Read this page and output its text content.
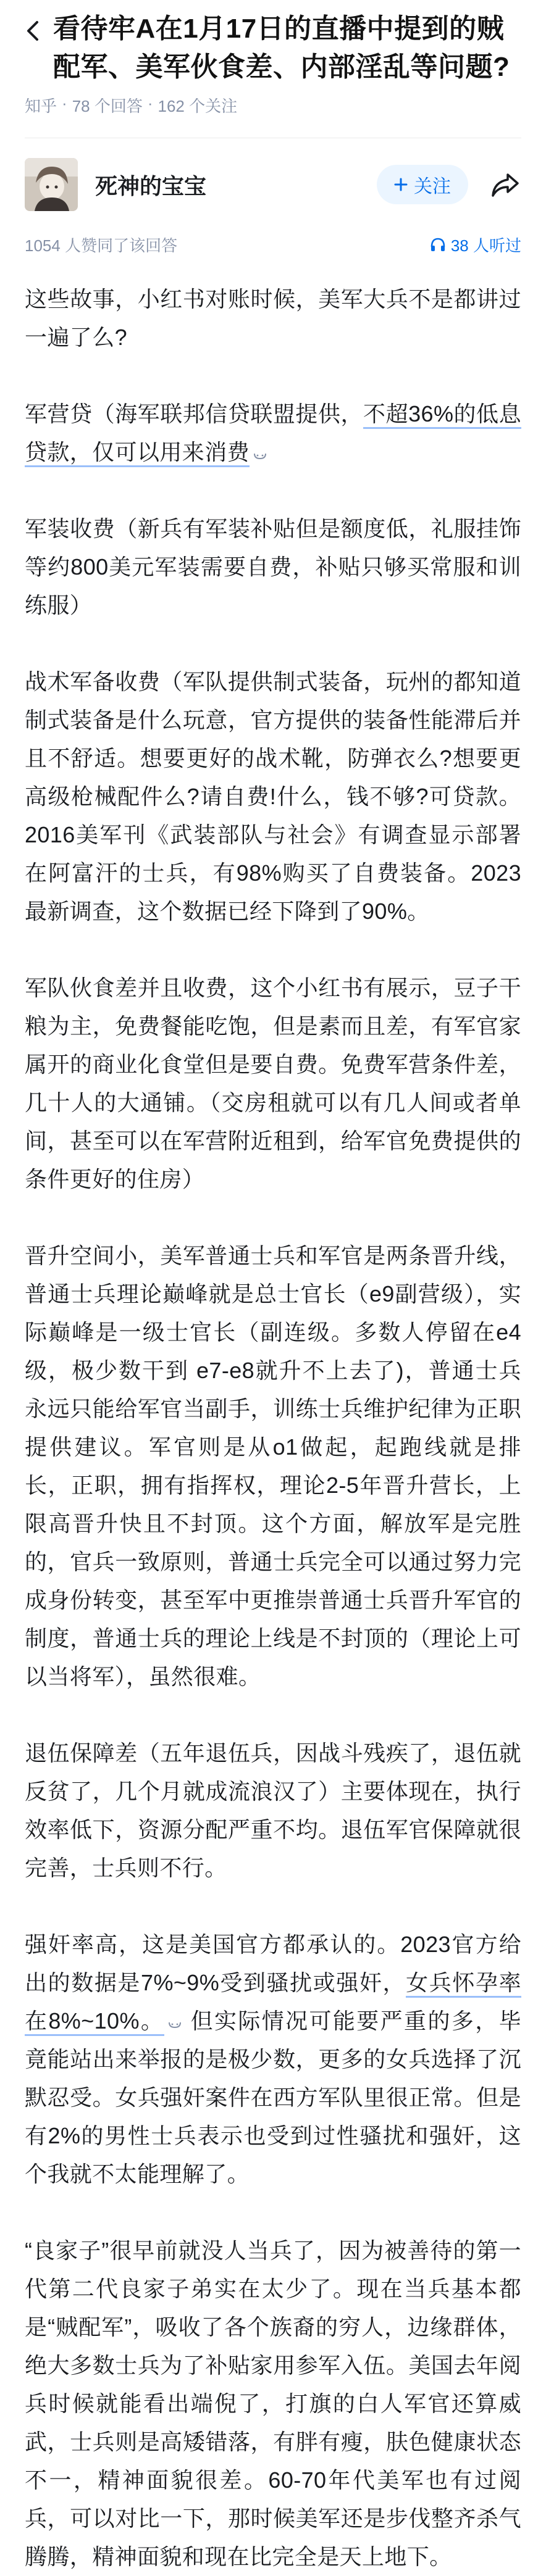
看待牢A在1月17日的直播中提到的贼配军、美军伙食差、内部淫乱等问题?
知乎 · 78 个回答 · 162 个关注
死神的宝宝	关注
1054 人赞同了该回答	38 人听过

这些故事，小红书对账时候，美军大兵不是都讲过一遍了么?

军营贷（海军联邦信贷联盟提供，不超36%的低息贷款，仅可以用来消费

军装收费（新兵有军装补贴但是额度低，礼服挂饰等约800美元军装需要自费，补贴只够买常服和训练服）

战术军备收费（军队提供制式装备，玩州的都知道制式装备是什么玩意，官方提供的装备性能滞后并且不舒适。想要更好的战术靴，防弹衣么?想要更高级枪械配件么?请自费!什么，钱不够?可贷款。2016美军刊《武装部队与社会》有调查显示部署在阿富汗的士兵，有98%购买了自费装备。2023最新调查，这个数据已经下降到了90%。

军队伙食差并且收费，这个小红书有展示，豆子干粮为主，免费餐能吃饱，但是素而且差，有军官家属开的商业化食堂但是要自费。免费军营条件差，几十人的大通铺。（交房租就可以有几人间或者单间，甚至可以在军营附近租到，给军官免费提供的条件更好的住房）

晋升空间小，美军普通士兵和军官是两条晋升线，普通士兵理论巅峰就是总士官长（e9副营级），实际巅峰是一级士官长（副连级。多数人停留在e4级，极少数干到 e7-e8就升不上去了)，普通士兵永远只能给军官当副手，训练士兵维护纪律为正职提供建议。军官则是从o1做起，起跑线就是排长，正职，拥有指挥权，理论2-5年晋升营长，上限高晋升快且不封顶。这个方面，解放军是完胜的，官兵一致原则，普通士兵完全可以通过努力完成身份转变，甚至军中更推崇普通士兵晋升军官的制度，普通士兵的理论上线是不封顶的（理论上可以当将军），虽然很难。

退伍保障差（五年退伍兵，因战斗残疾了，退伍就反贫了，几个月就成流浪汉了）主要体现在，执行效率低下，资源分配严重不均。退伍军官保障就很完善，士兵则不行。

强奸率高，这是美国官方都承认的。2023官方给出的数据是7%~9%受到骚扰或强奸，女兵怀孕率在8%~10%。 但实际情况可能要严重的多，毕竟能站出来举报的是极少数，更多的女兵选择了沉默忍受。女兵强奸案件在西方军队里很正常。但是有2%的男性士兵表示也受到过性骚扰和强奸，这个我就不太能理解了。

“良家子”很早前就没人当兵了，因为被善待的第一代第二代良家子弟实在太少了。现在当兵基本都是“贼配军”，吸收了各个族裔的穷人，边缘群体，绝大多数士兵为了补贴家用参军入伍。美国去年阅兵时候就能看出端倪了，打旗的白人军官还算威武，士兵则是高矮错落，有胖有瘦，肤色健康状态不一，精神面貌很差。60-70年代美军也有过阅兵，可以对比一下，那时候美军还是步伐整齐杀气腾腾，精神面貌和现在比完全是天上地下。
